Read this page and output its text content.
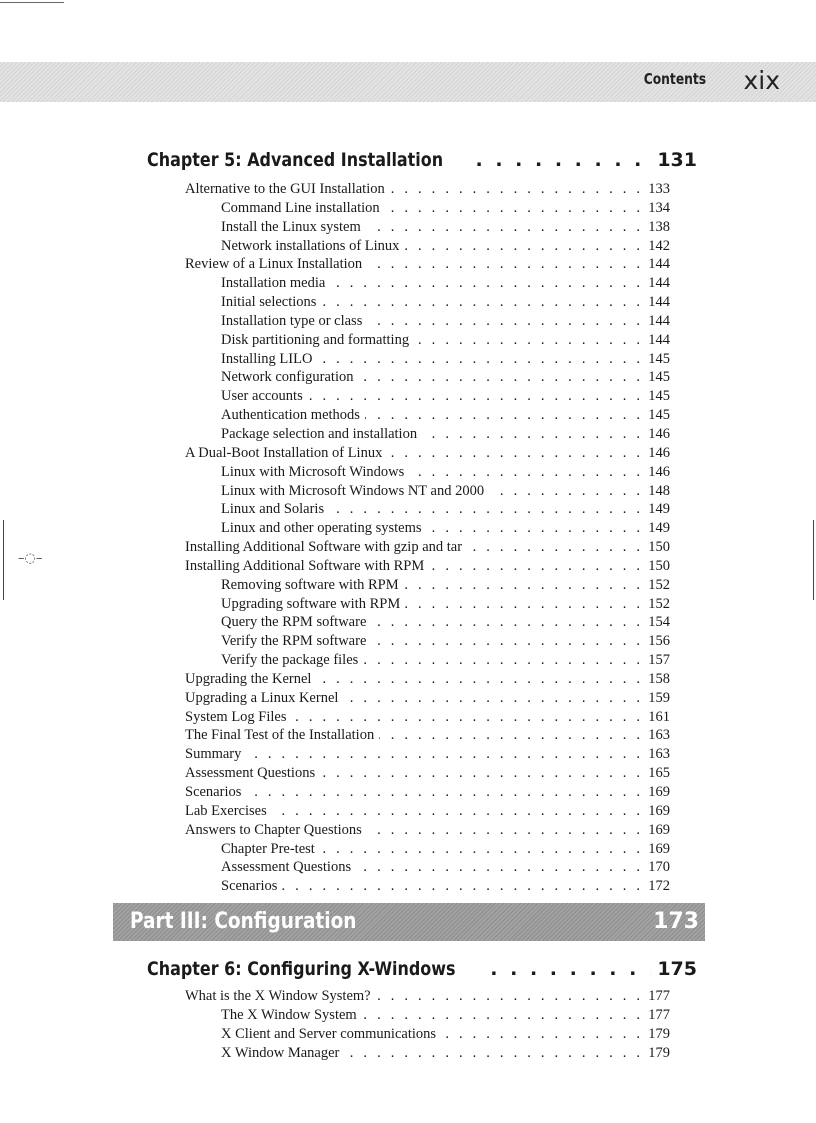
Contents xix
–◌–
Chapter 5: Advanced Installation . . .	131
Alternative to the GUI Installation . . .	133
Command Line installation . . .	134
Install the Linux system . . .	138
Network installations of Linux . . .	142
Review of a Linux Installation . . .	144
Installation media . . .	144
Initial selections . . .	144
Installation type or class . . .	144
Disk partitioning and formatting . . .	144
Installing LILO . . .	145
Network configuration . . .	145
User accounts . . .	145
Authentication methods . . .	145
Package selection and installation . . .	146
A Dual-Boot Installation of Linux . . .	146
Linux with Microsoft Windows . . .	146
Linux with Microsoft Windows NT and 2000 . . .	148
Linux and Solaris . . .	149
Linux and other operating systems . . .	149
Installing Additional Software with gzip and tar . . .	150
Installing Additional Software with RPM . . .	150
Removing software with RPM . . .	152
Upgrading software with RPM . . .	152
Query the RPM software . . .	154
Verify the RPM software . . .	156
Verify the package files . . .	157
Upgrading the Kernel . . .	158
Upgrading a Linux Kernel . . .	159
System Log Files . . .	161
The Final Test of the Installation . . .	163
Summary . . .	163
Assessment Questions . . .	165
Scenarios . . .	169
Lab Exercises . . .	169
Answers to Chapter Questions . . .	169
Chapter Pre-test . . .	169
Assessment Questions . . .	170
Scenarios . . .	172
Part III: Configuration	173
Chapter 6: Configuring X-Windows . . .	175
What is the X Window System? . . .	177
The X Window System . . .	177
X Client and Server communications . . .	179
X Window Manager . . .	179
